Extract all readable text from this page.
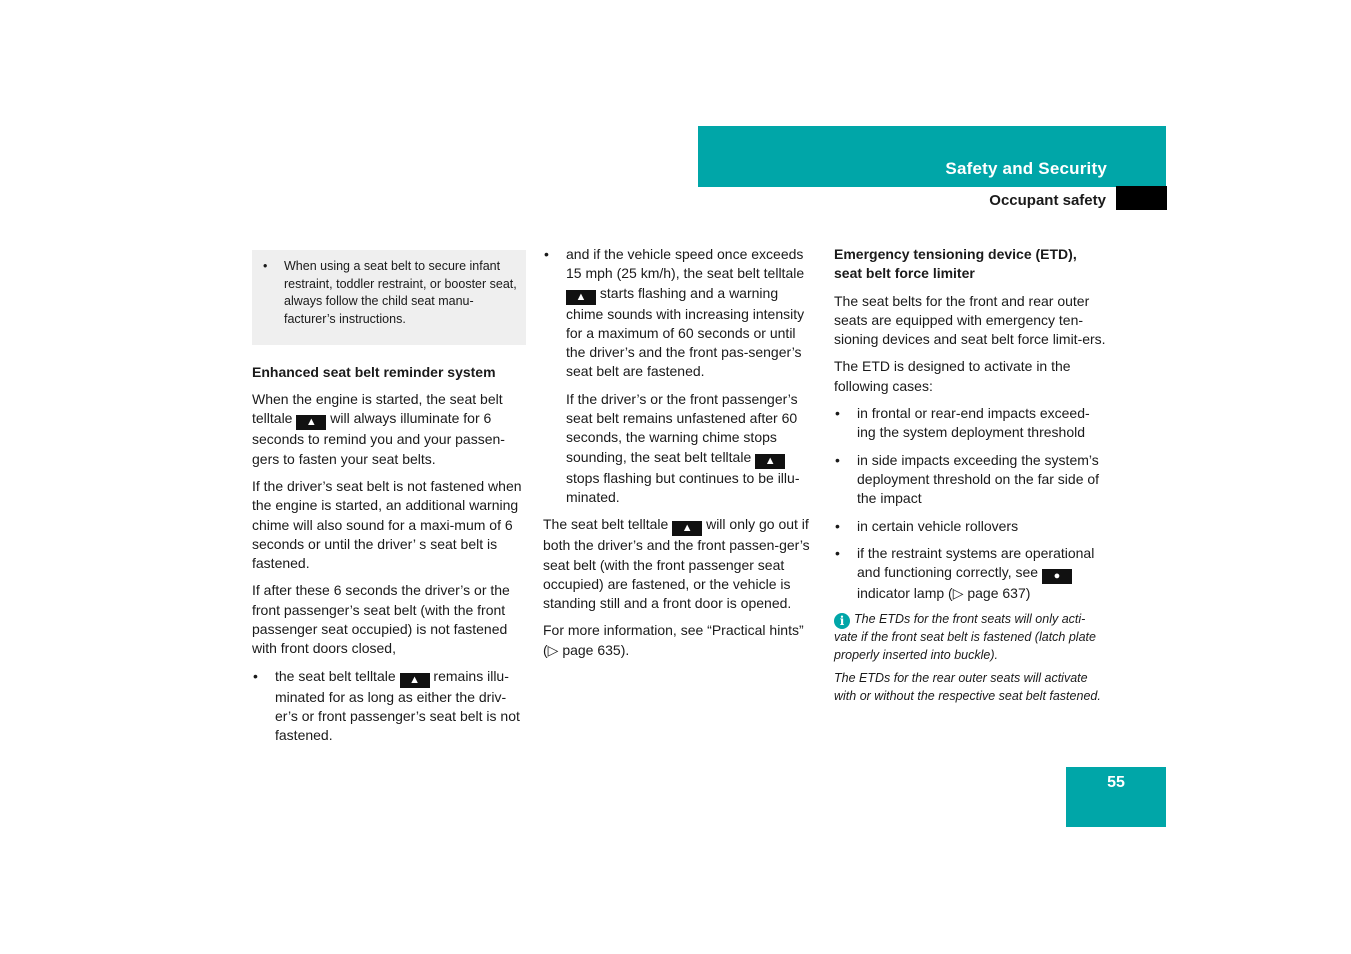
Safety and Security
Occupant safety
• When using a seat belt to secure infant restraint, toddler restraint, or booster seat, always follow the child seat manu-facturer’s instructions.
Enhanced seat belt reminder system

When the engine is started, the seat belt telltale ▲ will always illuminate for 6 seconds to remind you and your passen-gers to fasten your seat belts.

If the driver’s seat belt is not fastened when the engine is started, an additional warning chime will also sound for a maxi-mum of 6 seconds or until the driver’ s seat belt is fastened.

If after these 6 seconds the driver’s or the front passenger’s seat belt (with the front passenger seat occupied) is not fastened with front doors closed,

• the seat belt telltale ▲ remains illu-minated for as long as either the driv-er’s or front passenger’s seat belt is not fastened.
• and if the vehicle speed once exceeds 15 mph (25 km/h), the seat belt telltale ▲ starts flashing and a warning chime sounds with increasing intensity for a maximum of 60 seconds or until the driver’s and the front pas-senger’s seat belt are fastened.

If the driver’s or the front passenger’s seat belt remains unfastened after 60 seconds, the warning chime stops sounding, the seat belt telltale ▲ stops flashing but continues to be illu-minated.

The seat belt telltale ▲ will only go out if both the driver’s and the front passen-ger’s seat belt (with the front passenger seat occupied) are fastened, or the vehicle is standing still and a front door is opened.

For more information, see “Practical hints” (▷ page 635).

Emergency tensioning device (ETD), seat belt force limiter

The seat belts for the front and rear outer seats are equipped with emergency ten-sioning devices and seat belt force limit-ers.

The ETD is designed to activate in the following cases:

• in frontal or rear-end impacts exceed-ing the system deployment threshold
• in side impacts exceeding the system’s deployment threshold on the far side of the impact
• in certain vehicle rollovers
• if the restraint systems are operational and functioning correctly, see ● indicator lamp (▷ page 637)

i The ETDs for the front seats will only acti-vate if the front seat belt is fastened (latch plate properly inserted into buckle).

The ETDs for the rear outer seats will activate with or without the respective seat belt fastened.

55
